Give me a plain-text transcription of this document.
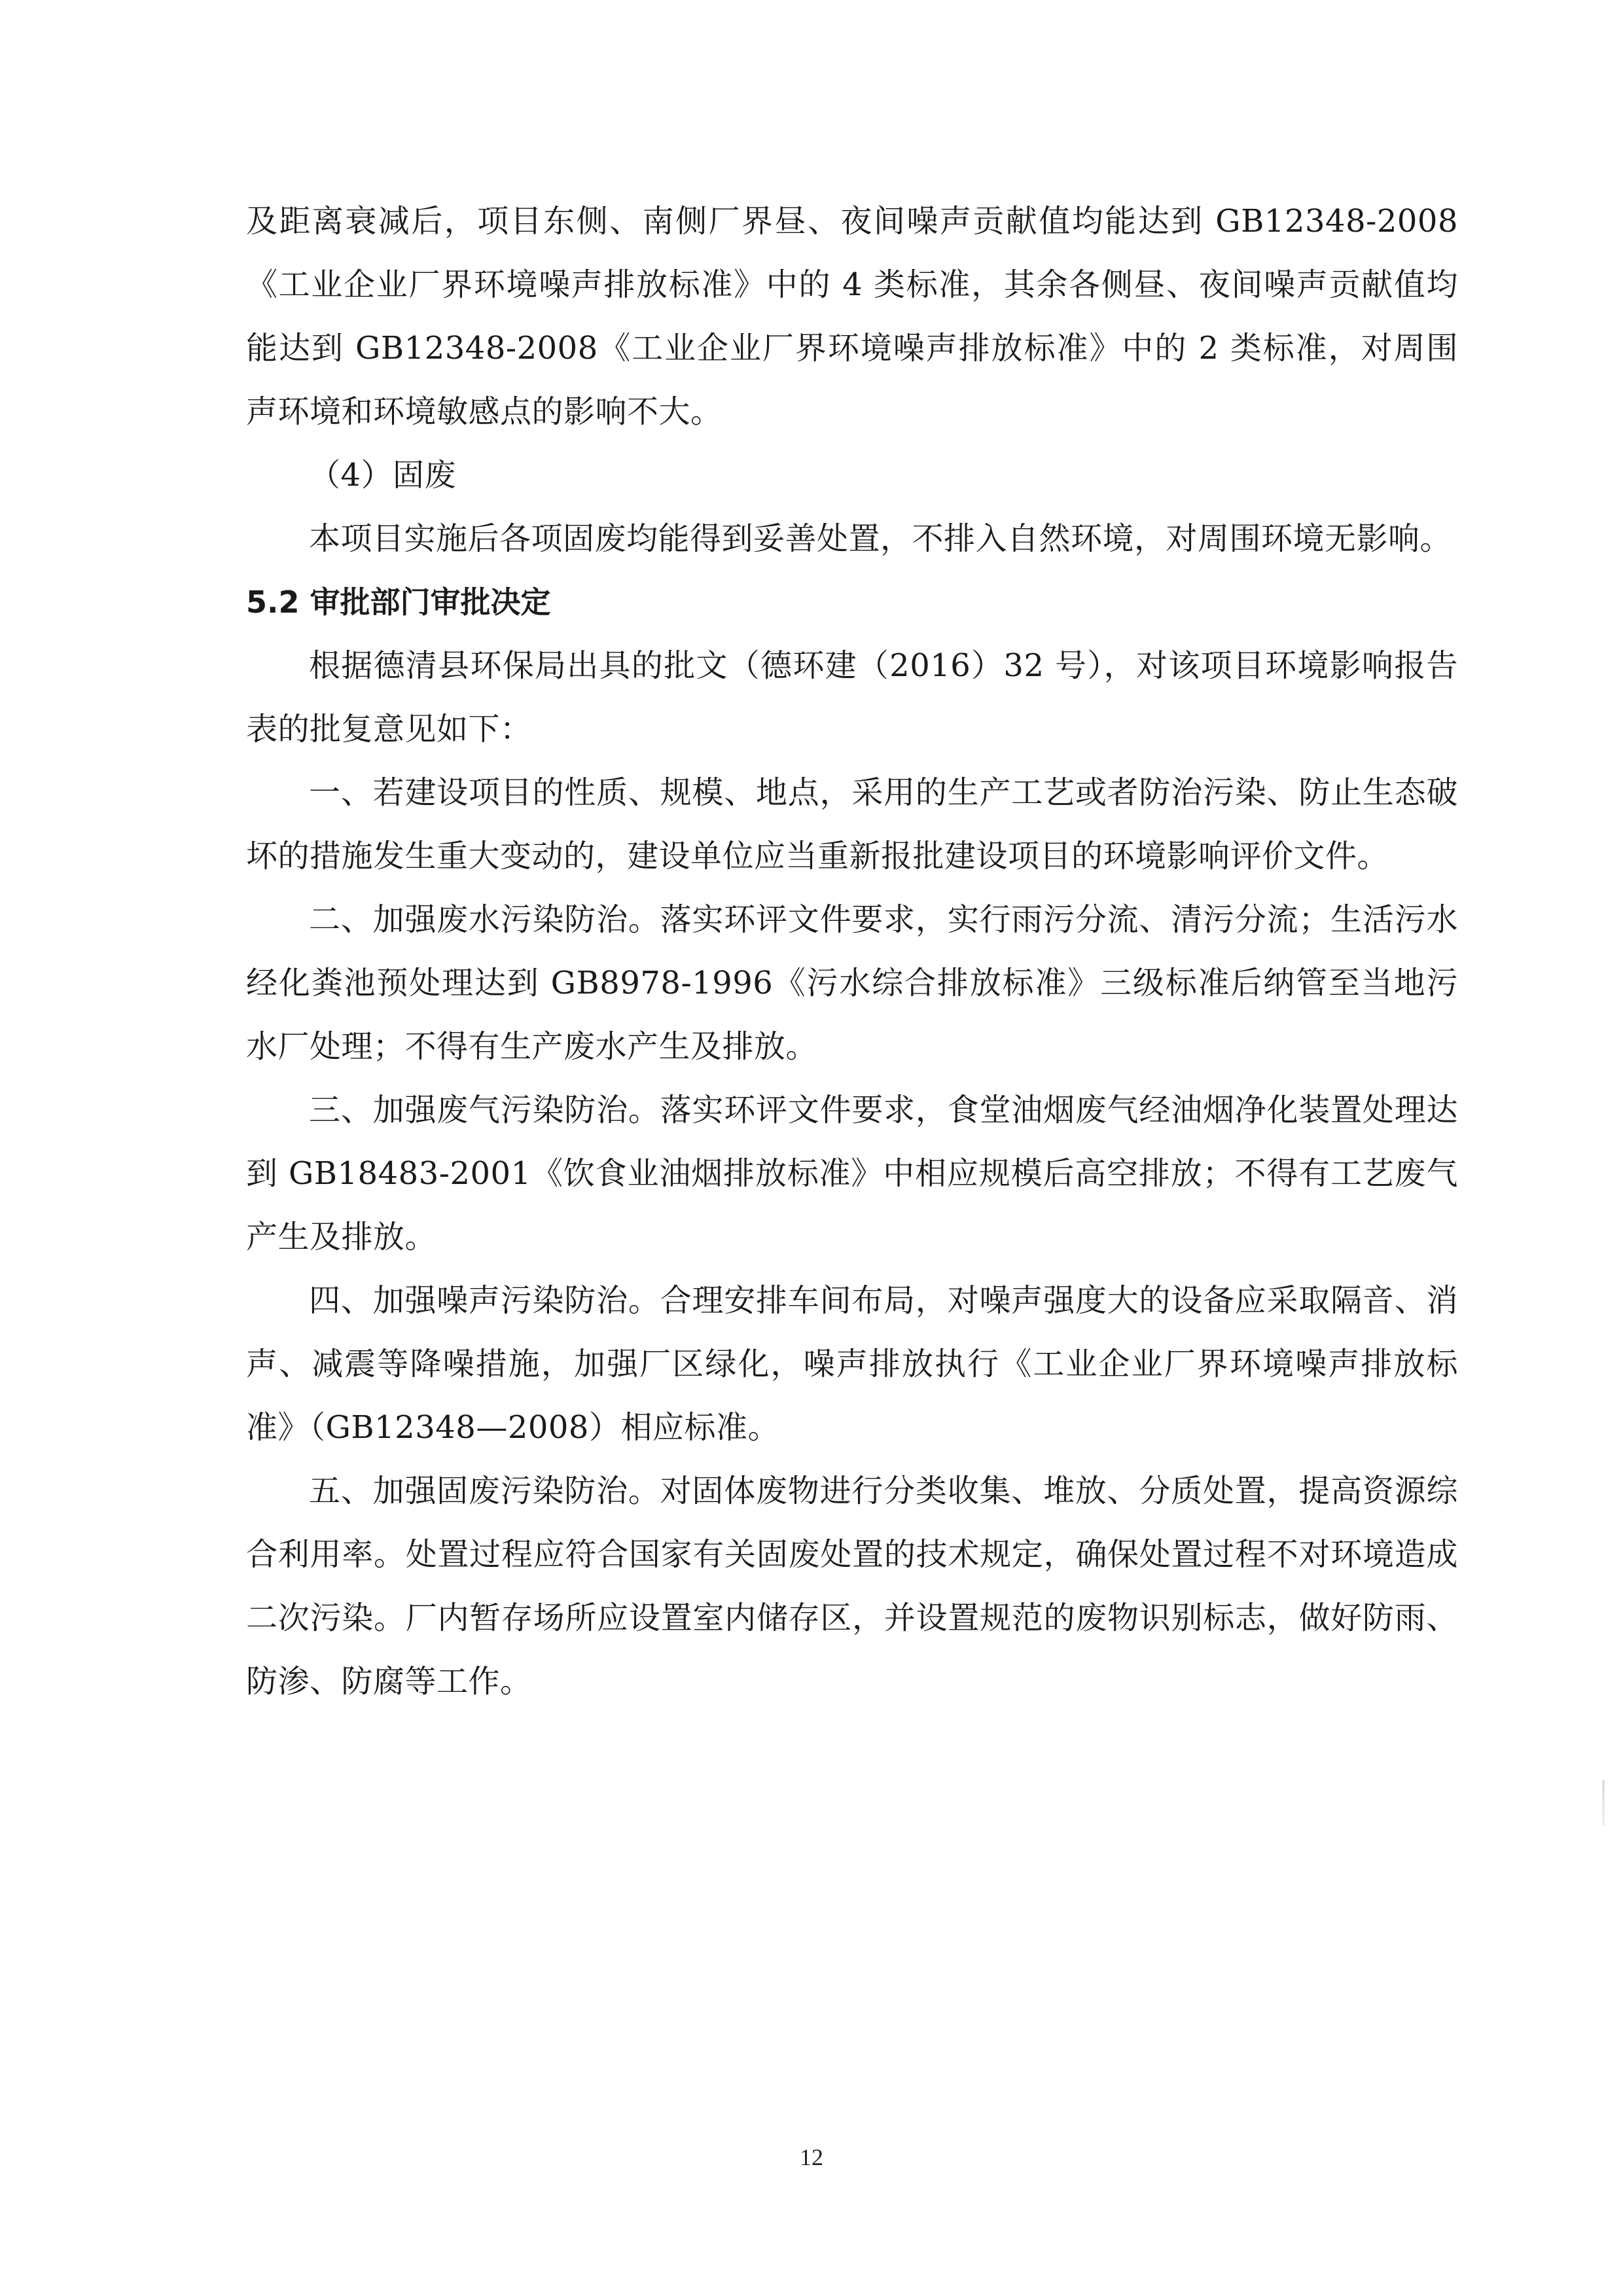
及距离衰减后，项目东侧、南侧厂界昼、夜间噪声贡献值均能达到 GB12348-2008《工业企业厂界环境噪声排放标准》中的 4 类标准，其余各侧昼、夜间噪声贡献值均能达到 GB12348-2008《工业企业厂界环境噪声排放标准》中的 2 类标准，对周围声环境和环境敏感点的影响不大。

（4）固废

本项目实施后各项固废均能得到妥善处置，不排入自然环境，对周围环境无影响。

5.2 审批部门审批决定

根据德清县环保局出具的批文（德环建（2016）32 号），对该项目环境影响报告表的批复意见如下：

一、若建设项目的性质、规模、地点，采用的生产工艺或者防治污染、防止生态破坏的措施发生重大变动的，建设单位应当重新报批建设项目的环境影响评价文件。

二、加强废水污染防治。落实环评文件要求，实行雨污分流、清污分流；生活污水经化粪池预处理达到 GB8978-1996《污水综合排放标准》三级标准后纳管至当地污水厂处理；不得有生产废水产生及排放。

三、加强废气污染防治。落实环评文件要求，食堂油烟废气经油烟净化装置处理达到 GB18483-2001《饮食业油烟排放标准》中相应规模后高空排放；不得有工艺废气产生及排放。

四、加强噪声污染防治。合理安排车间布局，对噪声强度大的设备应采取隔音、消声、减震等降噪措施，加强厂区绿化，噪声排放执行《工业企业厂界环境噪声排放标准》（GB12348—2008）相应标准。

五、加强固废污染防治。对固体废物进行分类收集、堆放、分质处置，提高资源综合利用率。处置过程应符合国家有关固废处置的技术规定，确保处置过程不对环境造成二次污染。厂内暂存场所应设置室内储存区，并设置规范的废物识别标志，做好防雨、防渗、防腐等工作。

12
